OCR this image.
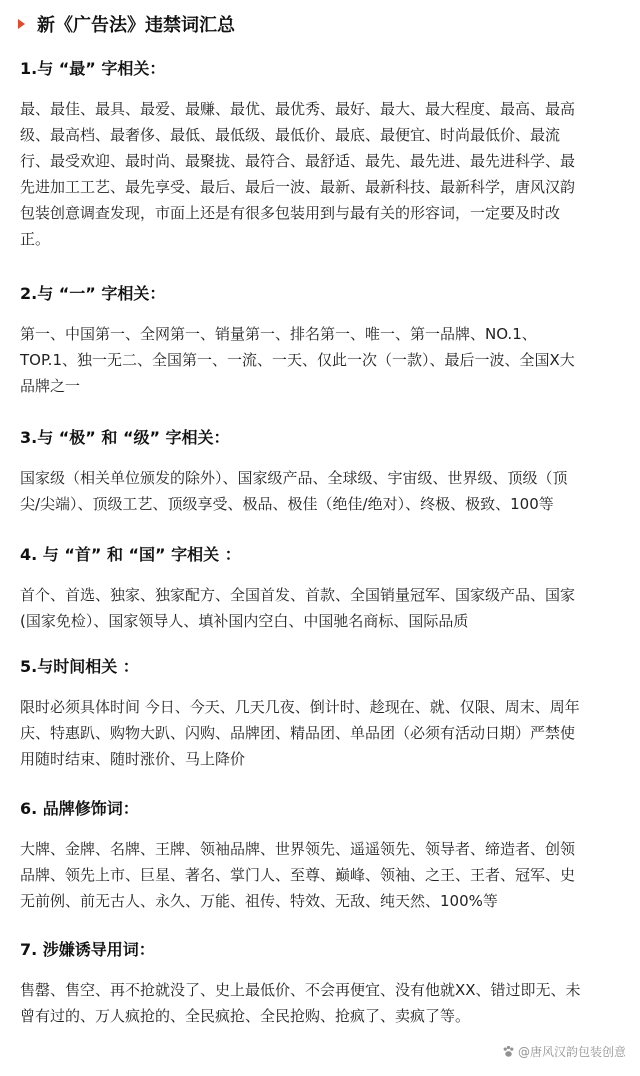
新《广告法》违禁词汇总
1.与 “最” 字相关：
最、最佳、最具、最爱、最赚、最优、最优秀、最好、最大、最大程度、最高、最高
级、最高档、最奢侈、最低、最低级、最低价、最底、最便宜、时尚最低价、最流
行、最受欢迎、最时尚、最聚拢、最符合、最舒适、最先、最先进、最先进科学、最
先进加工工艺、最先享受、最后、最后一波、最新、最新科技、最新科学，唐风汉韵
包装创意调查发现，市面上还是有很多包装用到与最有关的形容词，一定要及时改
正。
2.与 “一” 字相关：
第一、中国第一、全网第一、销量第一、排名第一、唯一、第一品牌、NO.1、
TOP.1、独一无二、全国第一、一流、一天、仅此一次（一款）、最后一波、全国X大
品牌之一
3.与 “极” 和 “级” 字相关：
国家级（相关单位颁发的除外）、国家级产品、全球级、宇宙级、世界级、顶级（顶
尖/尖端）、顶级工艺、顶级享受、极品、极佳（绝佳/绝对）、终极、极致、100等
4. 与 “首” 和 “国” 字相关 ：
首个、首选、独家、独家配方、全国首发、首款、全国销量冠军、国家级产品、国家
(国家免检）、国家领导人、填补国内空白、中国驰名商标、国际品质
5.与时间相关 ：
限时必须具体时间 今日、今天、几天几夜、倒计时、趁现在、就、仅限、周末、周年
庆、特惠趴、购物大趴、闪购、品牌团、精品团、单品团（必须有活动日期）严禁使
用随时结束、随时涨价、马上降价
6. 品牌修饰词：
大牌、金牌、名牌、王牌、领袖品牌、世界领先、遥遥领先、领导者、缔造者、创领
品牌、领先上市、巨星、著名、掌门人、至尊、巅峰、领袖、之王、王者、冠军、史
无前例、前无古人、永久、万能、祖传、特效、无敌、纯天然、100%等
7. 涉嫌诱导用词：
售罄、售空、再不抢就没了、史上最低价、不会再便宜、没有他就XX、错过即无、未
曾有过的、万人疯抢的、全民疯抢、全民抢购、抢疯了、卖疯了等。
@唐风汉韵包装创意
